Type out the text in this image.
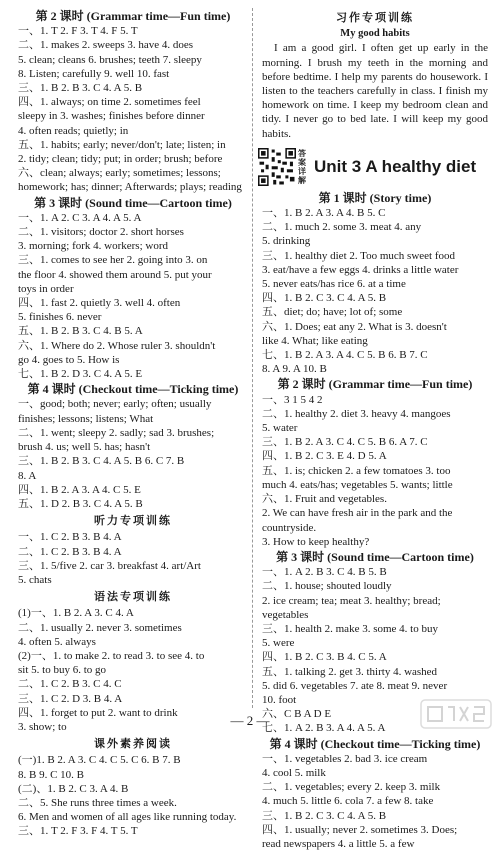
第 2 课时 (Grammar time—Fun time)
一、1. T 2. F 3. T 4. F 5. T
二、1. makes 2. sweeps 3. have 4. does
5. clean; cleans 6. brushes; teeth 7. sleepy
8. Listen; carefully 9. well 10. fast
三、1. B 2. B 3. C 4. A 5. B
四、1. always; on time 2. sometimes feel
sleepy in 3. washes; finishes before dinner
4. often reads; quietly; in
五、1. habits; early; never/don't; late; listen; in
2. tidy; clean; tidy; put; in order; brush; before
六、clean; always; early; sometimes; lessons;
homework; has; dinner; Afterwards; plays; reading
第 3 课时 (Sound time—Cartoon time)
一、1. A 2. C 3. A 4. A 5. A
二、1. visitors; doctor 2. short horses
3. morning; fork 4. workers; word
三、1. comes to see her 2. going into 3. on
the floor 4. showed them around 5. put your
toys in order
四、1. fast 2. quietly 3. well 4. often
5. finishes 6. never
五、1. B 2. B 3. C 4. B 5. A
六、1. Where do 2. Whose ruler 3. shouldn't
go 4. goes to 5. How is
七、1. B 2. D 3. C 4. A 5. E
第 4 课时 (Checkout time—Ticking time)
一、good; both; never; early; often; usually
finishes; lessons; listens; What
二、1. went; sleepy 2. sadly; sad 3. brushes;
brush 4. us; well 5. has; hasn't
三、1. B 2. B 3. C 4. A 5. B 6. C 7. B
8. A
四、1. B 2. A 3. A 4. C 5. E
五、1. D 2. B 3. C 4. A 5. B
听力专项训练
一、1. C 2. B 3. B 4. A
二、1. C 2. B 3. B 4. A
三、1. 5/five 2. car 3. breakfast 4. art/Art
5. chats
语法专项训练
(1)一、1. B 2. A 3. C 4. A
二、1. usually 2. never 3. sometimes
4. often 5. always
(2)一、1. to make 2. to read 3. to see 4. to
sit 5. to buy 6. to go
二、1. C 2. B 3. C 4. C
三、1. C 2. D 3. B 4. A
四、1. forget to put 2. want to drink
3. show; to
课外素养阅读
(一)1. B 2. A 3. C 4. C 5. C 6. B 7. B
8. B 9. C 10. B
(二)、1. B 2. C 3. A 4. B
二、5. She runs three times a week.
6. Men and women of all ages like running today.
三、1. T 2. F 3. F 4. T 5. T
习作专项训练
My good habits
I am a good girl. I often get up early in the morning. I brush my teeth in the morning and before bedtime. I help my parents do housework. I listen to the teachers carefully in class. I finish my homework on time. I keep my bedroom clean and tidy. I never go to bed late. I will keep my good habits.
答案详解
Unit 3 A healthy diet
第 1 课时 (Story time)
一、1. B 2. A 3. A 4. B 5. C
二、1. much 2. some 3. meat 4. any
5. drinking
三、1. healthy diet 2. Too much sweet food
3. eat/have a few eggs 4. drinks a little water
5. never eats/has rice 6. at a time
四、1. B 2. C 3. C 4. A 5. B
五、diet; do; have; lot of; some
六、1. Does; eat any 2. What is 3. doesn't
like 4. What; like eating
七、1. B 2. A 3. A 4. C 5. B 6. B 7. C
8. A 9. A 10. B
第 2 课时 (Grammar time—Fun time)
一、3 1 5 4 2
二、1. healthy 2. diet 3. heavy 4. mangoes
5. water
三、1. B 2. A 3. C 4. C 5. B 6. A 7. C
四、1. B 2. C 3. E 4. D 5. A
五、1. is; chicken 2. a few tomatoes 3. too
much 4. eats/has; vegetables 5. wants; little
六、1. Fruit and vegetables.
2. We can have fresh air in the park and the countryside.
3. How to keep healthy?
第 3 课时 (Sound time—Cartoon time)
一、1. A 2. B 3. C 4. B 5. B
二、1. house; shouted loudly
2. ice cream; tea; meat 3. healthy; bread;
vegetables
三、1. health 2. make 3. some 4. to buy
5. were
四、1. B 2. C 3. B 4. C 5. A
五、1. talking 2. get 3. thirty 4. washed
5. did 6. vegetables 7. ate 8. meat 9. never
10. foot
六、C B A D E
七、1. A 2. B 3. A 4. A 5. A
第 4 课时 (Checkout time—Ticking time)
一、1. vegetables 2. bad 3. ice cream
4. cool 5. milk
二、1. vegetables; every 2. keep 3. milk
4. much 5. little 6. cola 7. a few 8. take
三、1. B 2. C 3. C 4. A 5. B
四、1. usually; never 2. sometimes 3. Does;
read newspapers 4. a little 5. a few
— 2 —
